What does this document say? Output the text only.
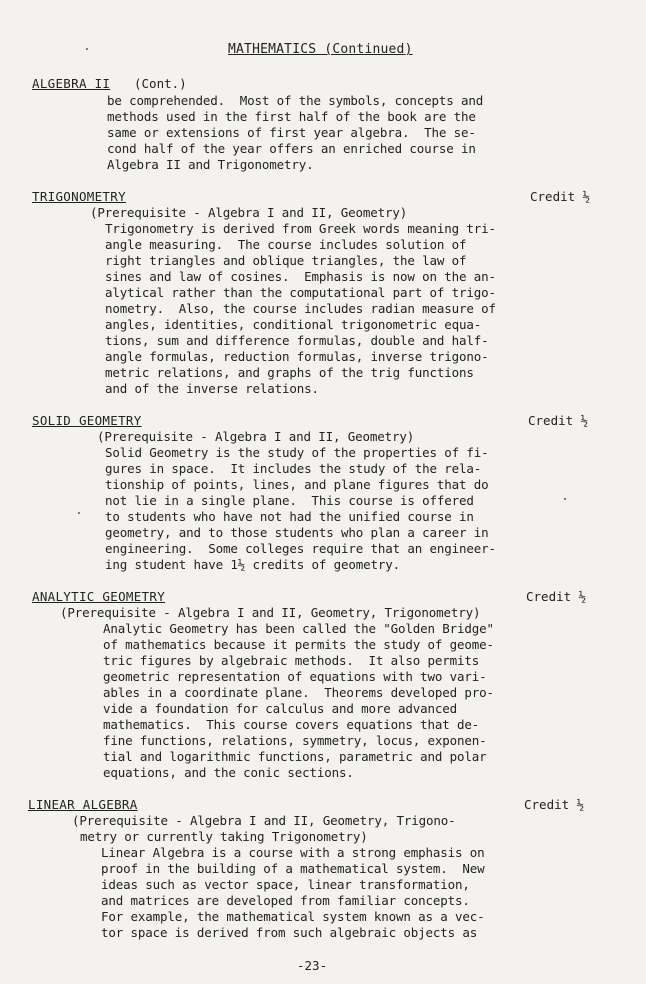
MATHEMATICS (Continued)
ALGEBRA II (Cont.)
be comprehended.  Most of the symbols, concepts and
methods used in the first half of the book are the
same or extensions of first year algebra.  The se-
cond half of the year offers an enriched course in
Algebra II and Trigonometry.
TRIGONOMETRY	Credit ½
(Prerequisite - Algebra I and II, Geometry)
Trigonometry is derived from Greek words meaning tri-
angle measuring.  The course includes solution of
right triangles and oblique triangles, the law of
sines and law of cosines.  Emphasis is now on the an-
alytical rather than the computational part of trigo-
nometry.  Also, the course includes radian measure of
angles, identities, conditional trigonometric equa-
tions, sum and difference formulas, double and half-
angle formulas, reduction formulas, inverse trigono-
metric relations, and graphs of the trig functions
and of the inverse relations.
SOLID GEOMETRY	Credit ½
(Prerequisite - Algebra I and II, Geometry)
Solid Geometry is the study of the properties of fi-
gures in space.  It includes the study of the rela-
tionship of points, lines, and plane figures that do
not lie in a single plane.  This course is offered
to students who have not had the unified course in
geometry, and to those students who plan a career in
engineering.  Some colleges require that an engineer-
ing student have 1½ credits of geometry.
ANALYTIC GEOMETRY	Credit ½
(Prerequisite - Algebra I and II, Geometry, Trigonometry)
Analytic Geometry has been called the "Golden Bridge"
of mathematics because it permits the study of geome-
tric figures by algebraic methods.  It also permits
geometric representation of equations with two vari-
ables in a coordinate plane.  Theorems developed pro-
vide a foundation for calculus and more advanced
mathematics.  This course covers equations that de-
fine functions, relations, symmetry, locus, exponen-
tial and logarithmic functions, parametric and polar
equations, and the conic sections.
LINEAR ALGEBRA	Credit ½
(Prerequisite - Algebra I and II, Geometry, Trigono-
metry or currently taking Trigonometry)
Linear Algebra is a course with a strong emphasis on
proof in the building of a mathematical system.  New
ideas such as vector space, linear transformation,
and matrices are developed from familiar concepts.
For example, the mathematical system known as a vec-
tor space is derived from such algebraic objects as
-23-
